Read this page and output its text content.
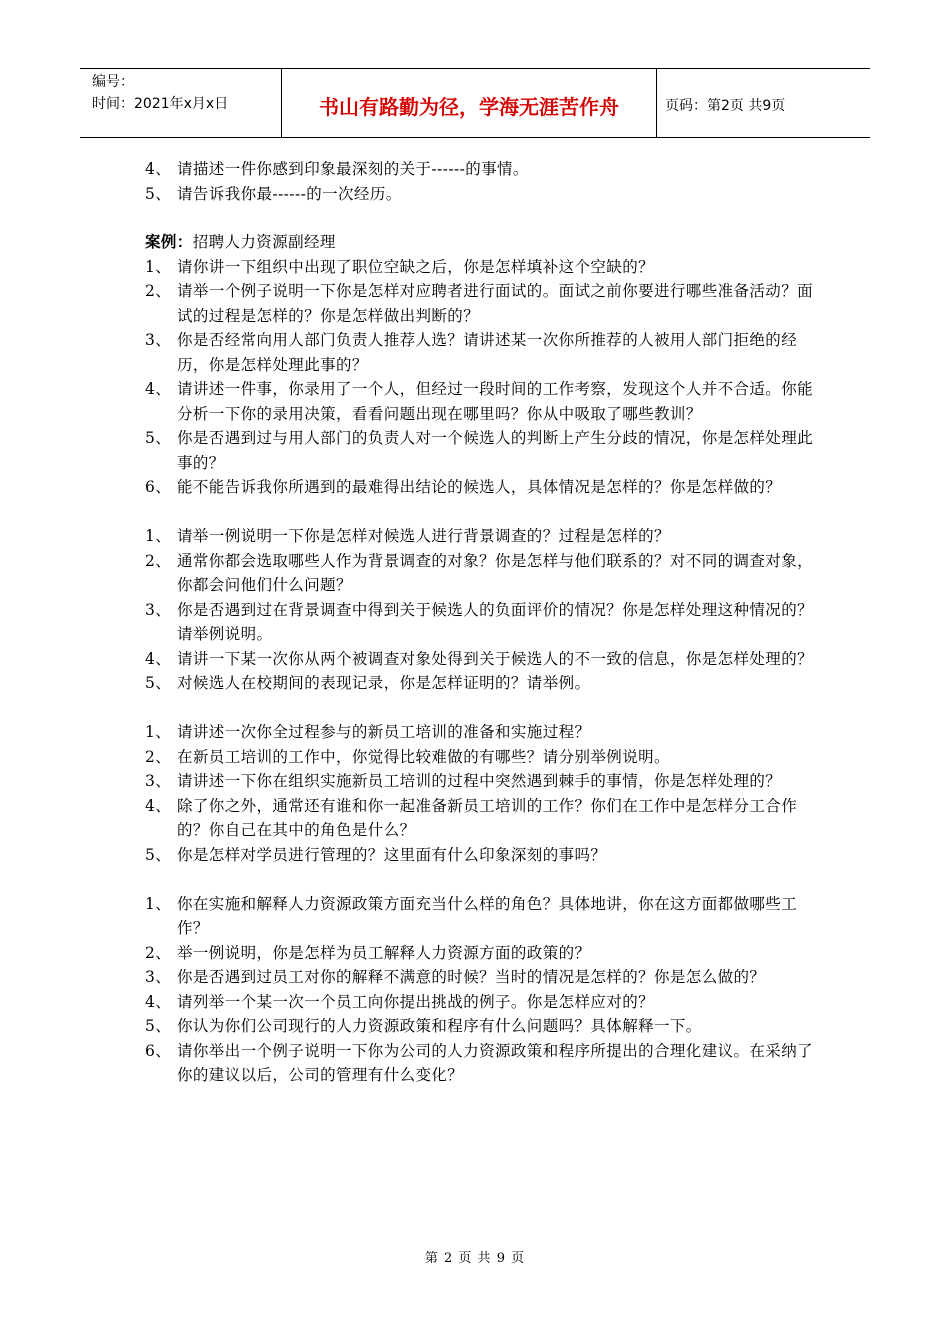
编号：
时间：2021年x月x日	书山有路勤为径，学海无涯苦作舟	页码：第2页 共9页
4、 请描述一件你感到印象最深刻的关于------的事情。
5、 请告诉我你最------的一次经历。
案例：招聘人力资源副经理
1、 请你讲一下组织中出现了职位空缺之后，你是怎样填补这个空缺的？
2、 请举一个例子说明一下你是怎样对应聘者进行面试的。面试之前你要进行哪些准备活动？面试的过程是怎样的？你是怎样做出判断的？
3、 你是否经常向用人部门负责人推荐人选？请讲述某一次你所推荐的人被用人部门拒绝的经历，你是怎样处理此事的？
4、 请讲述一件事，你录用了一个人，但经过一段时间的工作考察，发现这个人并不合适。你能分析一下你的录用决策，看看问题出现在哪里吗？你从中吸取了哪些教训？
5、 你是否遇到过与用人部门的负责人对一个候选人的判断上产生分歧的情况，你是怎样处理此事的？
6、 能不能告诉我你所遇到的最难得出结论的候选人，具体情况是怎样的？你是怎样做的？
1、 请举一例说明一下你是怎样对候选人进行背景调查的？过程是怎样的？
2、 通常你都会选取哪些人作为背景调查的对象？你是怎样与他们联系的？对不同的调查对象，你都会问他们什么问题？
3、 你是否遇到过在背景调查中得到关于候选人的负面评价的情况？你是怎样处理这种情况的？请举例说明。
4、 请讲一下某一次你从两个被调查对象处得到关于候选人的不一致的信息，你是怎样处理的？
5、 对候选人在校期间的表现记录，你是怎样证明的？请举例。
1、 请讲述一次你全过程参与的新员工培训的准备和实施过程？
2、 在新员工培训的工作中，你觉得比较难做的有哪些？请分别举例说明。
3、 请讲述一下你在组织实施新员工培训的过程中突然遇到棘手的事情，你是怎样处理的？
4、 除了你之外，通常还有谁和你一起准备新员工培训的工作？你们在工作中是怎样分工合作的？你自己在其中的角色是什么？
5、 你是怎样对学员进行管理的？这里面有什么印象深刻的事吗？
1、 你在实施和解释人力资源政策方面充当什么样的角色？具体地讲，你在这方面都做哪些工作？
2、 举一例说明，你是怎样为员工解释人力资源方面的政策的？
3、 你是否遇到过员工对你的解释不满意的时候？当时的情况是怎样的？你是怎么做的？
4、 请列举一个某一次一个员工向你提出挑战的例子。你是怎样应对的？
5、 你认为你们公司现行的人力资源政策和程序有什么问题吗？具体解释一下。
6、 请你举出一个例子说明一下你为公司的人力资源政策和程序所提出的合理化建议。在采纳了你的建议以后，公司的管理有什么变化？
第 2 页 共 9 页
